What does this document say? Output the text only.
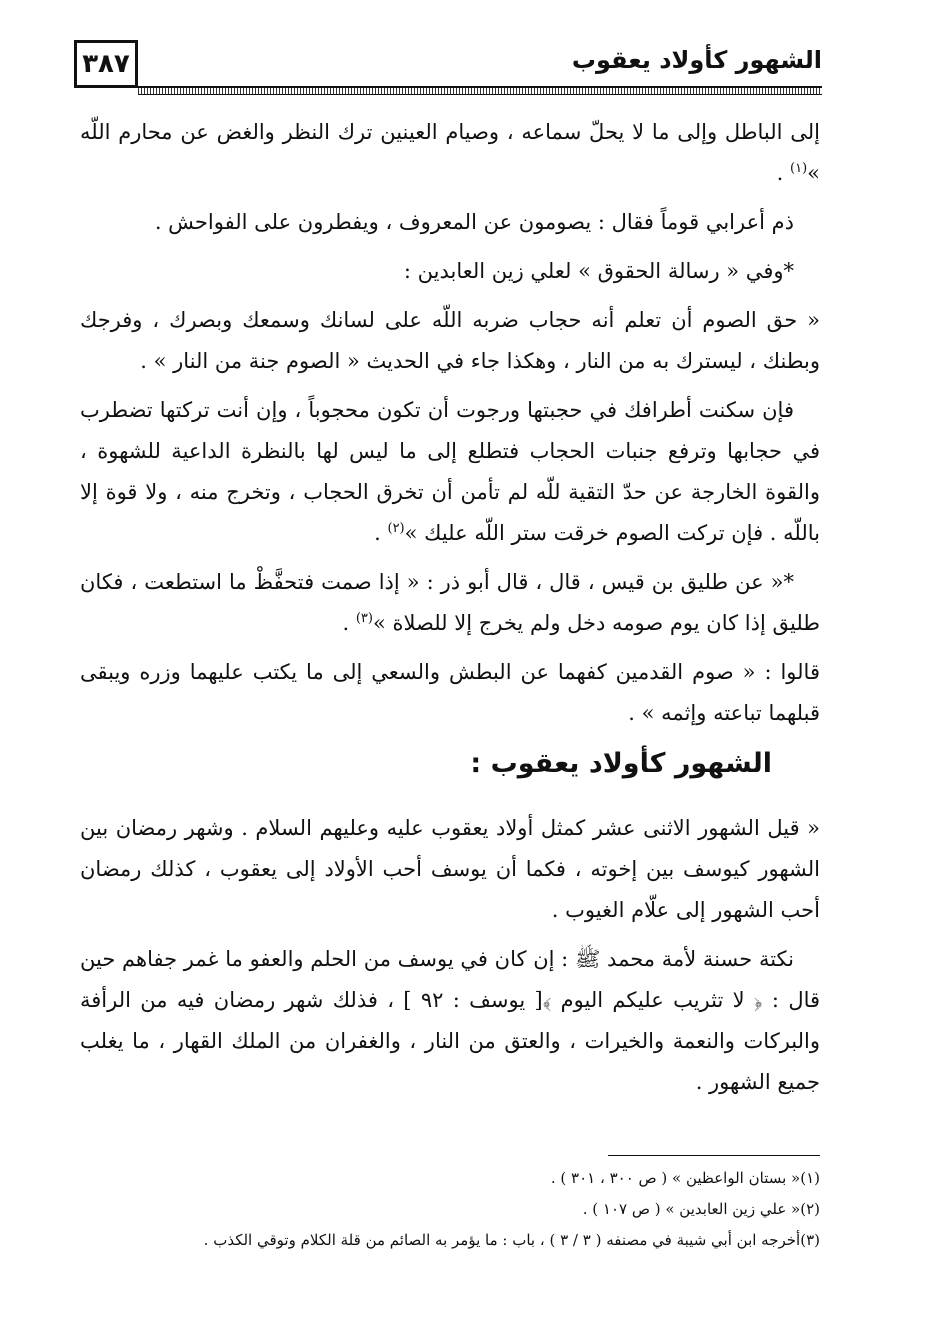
٣٨٧	الشهور كأولاد يعقوب

إلى الباطل وإلى ما لا يحلّ سماعه ، وصيام العينين ترك النظر والغض عن محارم اللّه »$^{(١)}$ .

ذم أعرابي قوماً فقال : يصومون عن المعروف ، ويفطرون على الفواحش .

*وفي « رسالة الحقوق » لعلي زين العابدين :

« حق الصوم أن تعلم أنه حجاب ضربه اللّه على لسانك وسمعك وبصرك ، وفرجك وبطنك ، ليسترك به من النار ، وهكذا جاء في الحديث « الصوم جنة من النار » .

فإن سكنت أطرافك في حجبتها ورجوت أن تكون محجوباً ، وإن أنت تركتها تضطرب في حجابها وترفع جنبات الحجاب فتطلع إلى ما ليس لها بالنظرة الداعية للشهوة ، والقوة الخارجة عن حدّ التقية للّه لم تأمن أن تخرق الحجاب ، وتخرج منه ، ولا قوة إلا باللّه . فإن تركت الصوم خرقت ستر اللّه عليك »$^{(٢)}$ .

*« عن طليق بن قيس ، قال ، قال أبو ذر : « إذا صمت فتحفَّظْ ما استطعت ، فكان طليق إذا كان يوم صومه دخل ولم يخرج إلا للصلاة »$^{(٣)}$ .

قالوا : « صوم القدمين كفهما عن البطش والسعي إلى ما يكتب عليهما وزره ويبقى قبلهما تباعته وإثمه » .

الشهور كأولاد يعقوب :

« قيل الشهور الاثنى عشر كمثل أولاد يعقوب عليه وعليهم السلام . وشهر رمضان بين الشهور كيوسف بين إخوته ، فكما أن يوسف أحب الأولاد إلى يعقوب ، كذلك رمضان أحب الشهور إلى علّام الغيوب .

نكتة حسنة لأمة محمد ﷺ : إن كان في يوسف من الحلم والعفو ما غمر جفاهم حين قال : ﴿ لا تثريب عليكم اليوم ﴾[ يوسف : ٩٢ ] ، فذلك شهر رمضان فيه من الرأفة والبركات والنعمة والخيرات ، والعتق من النار ، والغفران من الملك القهار ، ما يغلب جميع الشهور .

(١)« بستان الواعظين » ( ص ٣٠٠ ، ٣٠١ ) .
(٢)« علي زين العابدين » ( ص ١٠٧ ) .
(٣)أخرجه ابن أبي شيبة في مصنفه ( ٣ / ٣ ) ، باب : ما يؤمر به الصائم من قلة الكلام وتوقي الكذب .
